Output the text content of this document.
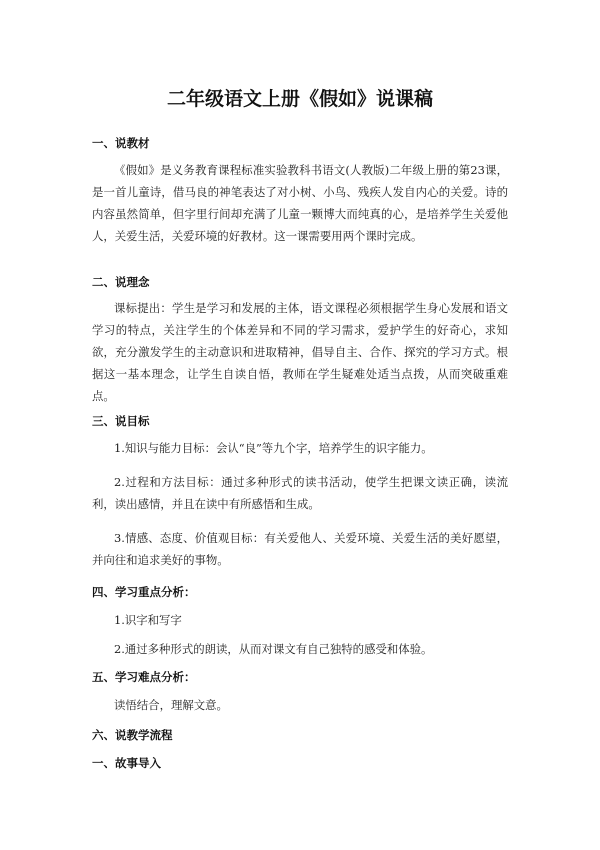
二年级语文上册《假如》说课稿

一、说教材

《假如》是义务教育课程标准实验教科书语文(人教版)二年级上册的第23课，是一首儿童诗，借马良的神笔表达了对小树、小鸟、残疾人发自内心的关爱。诗的内容虽然简单，但字里行间却充满了儿童一颗博大而纯真的心，是培养学生关爱他人，关爱生活，关爱环境的好教材。这一课需要用两个课时完成。

二、说理念

课标提出：学生是学习和发展的主体，语文课程必须根据学生身心发展和语文学习的特点，关注学生的个体差异和不同的学习需求，爱护学生的好奇心，求知欲，充分激发学生的主动意识和进取精神，倡导自主、合作、探究的学习方式。根据这一基本理念，让学生自读自悟，教师在学生疑难处适当点拨，从而突破重难点。

三、说目标

1.知识与能力目标：会认“良”等九个字，培养学生的识字能力。

2.过程和方法目标：通过多种形式的读书活动，使学生把课文读正确，读流利，读出感情，并且在读中有所感悟和生成。

3.情感、态度、价值观目标：有关爱他人、关爱环境、关爱生活的美好愿望，并向往和追求美好的事物。

四、学习重点分析：

1.识字和写字

2.通过多种形式的朗读，从而对课文有自己独特的感受和体验。

五、学习难点分析：

读悟结合，理解文意。

六、说教学流程

一、故事导入
